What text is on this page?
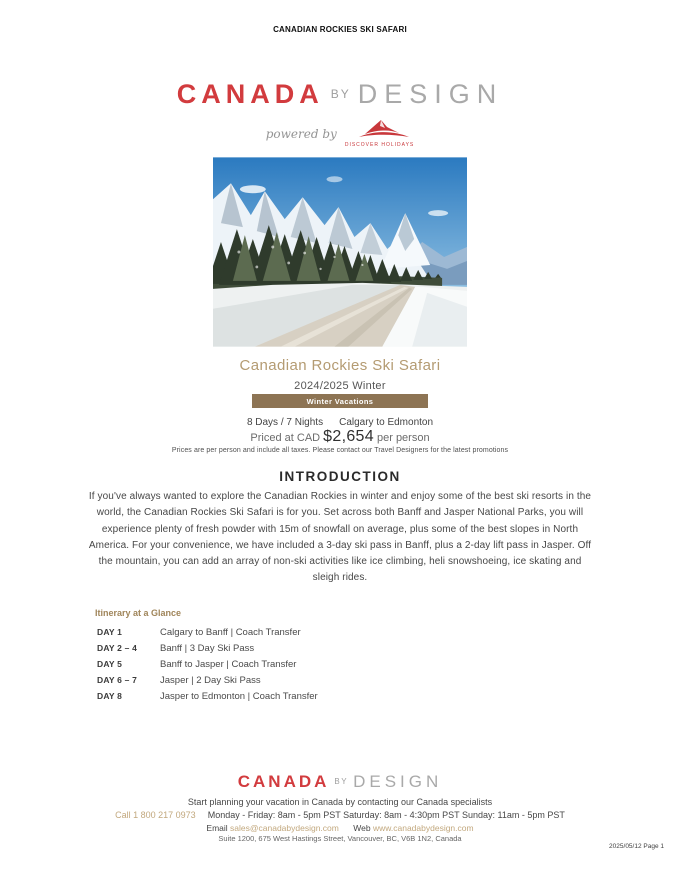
CANADIAN ROCKIES SKI SAFARI
CANADA $^{BY}$ DESIGN
powered by
DISCOVER HOLIDAYS
Canadian Rockies Ski Safari
2024/2025 Winter
Winter Vacations
8 Days / 7 Nights Calgary to Edmonton
Priced at CAD $2,654 per person
Prices are per person and include all taxes. Please contact our Travel Designers for the latest promotions
INTRODUCTION
If you've always wanted to explore the Canadian Rockies in winter and enjoy some of the best ski resorts in the world, the Canadian Rockies Ski Safari is for you. Set across both Banff and Jasper National Parks, you will experience plenty of fresh powder with 15m of snowfall on average, plus some of the best slopes in North America. For your convenience, we have included a 3-day ski pass in Banff, plus a 2-day lift pass in Jasper. Off the mountain, you can add an array of non-ski activities like ice climbing, heli snowshoeing, ice skating and sleigh rides.
Itinerary at a Glance
DAY 1	Calgary to Banff | Coach Transfer
DAY 2 – 4	Banff | 3 Day Ski Pass
DAY 5	Banff to Jasper | Coach Transfer
DAY 6 – 7	Jasper | 2 Day Ski Pass
DAY 8	Jasper to Edmonton | Coach Transfer
CANADA BY DESIGN
Start planning your vacation in Canada by contacting our Canada specialists
Call 1 800 217 0973 Monday - Friday: 8am - 5pm PST Saturday: 8am - 4:30pm PST Sunday: 11am - 5pm PST
Email sales@canadabydesign.com Web www.canadabydesign.com
Suite 1200, 675 West Hastings Street, Vancouver, BC, V6B 1N2, Canada
2025/05/12 Page 1
